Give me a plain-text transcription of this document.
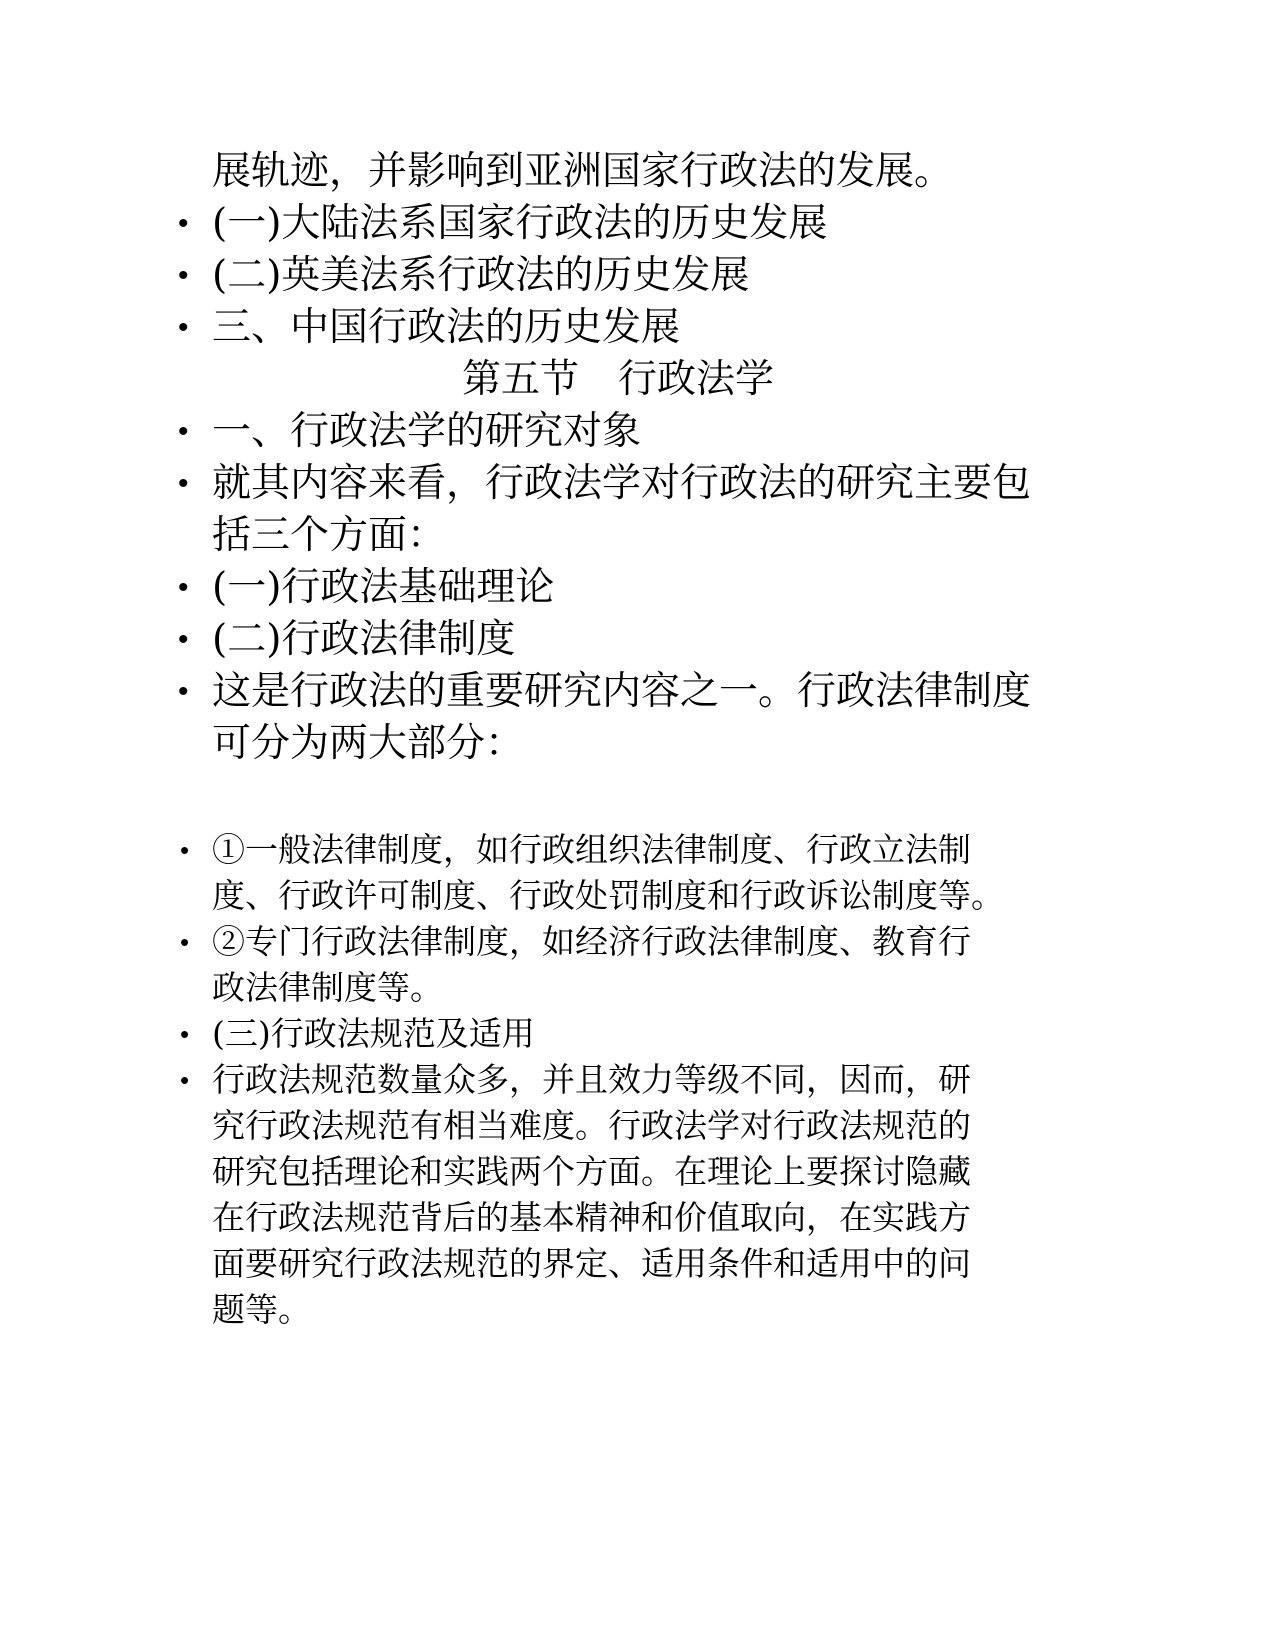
展轨迹，并影响到亚洲国家行政法的发展。
• (一)大陆法系国家行政法的历史发展
• (二)英美法系行政法的历史发展
• 三、中国行政法的历史发展
第五节　行政法学
• 一、行政法学的研究对象
• 就其内容来看，行政法学对行政法的研究主要包
括三个方面：
• (一)行政法基础理论
• (二)行政法律制度
• 这是行政法的重要研究内容之一。行政法律制度
可分为两大部分：
• ①一般法律制度，如行政组织法律制度、行政立法制
度、行政许可制度、行政处罚制度和行政诉讼制度等。
• ②专门行政法律制度，如经济行政法律制度、教育行
政法律制度等。
• (三)行政法规范及适用
• 行政法规范数量众多，并且效力等级不同，因而，研
究行政法规范有相当难度。行政法学对行政法规范的
研究包括理论和实践两个方面。在理论上要探讨隐藏
在行政法规范背后的基本精神和价值取向，在实践方
面要研究行政法规范的界定、适用条件和适用中的问
题等。
